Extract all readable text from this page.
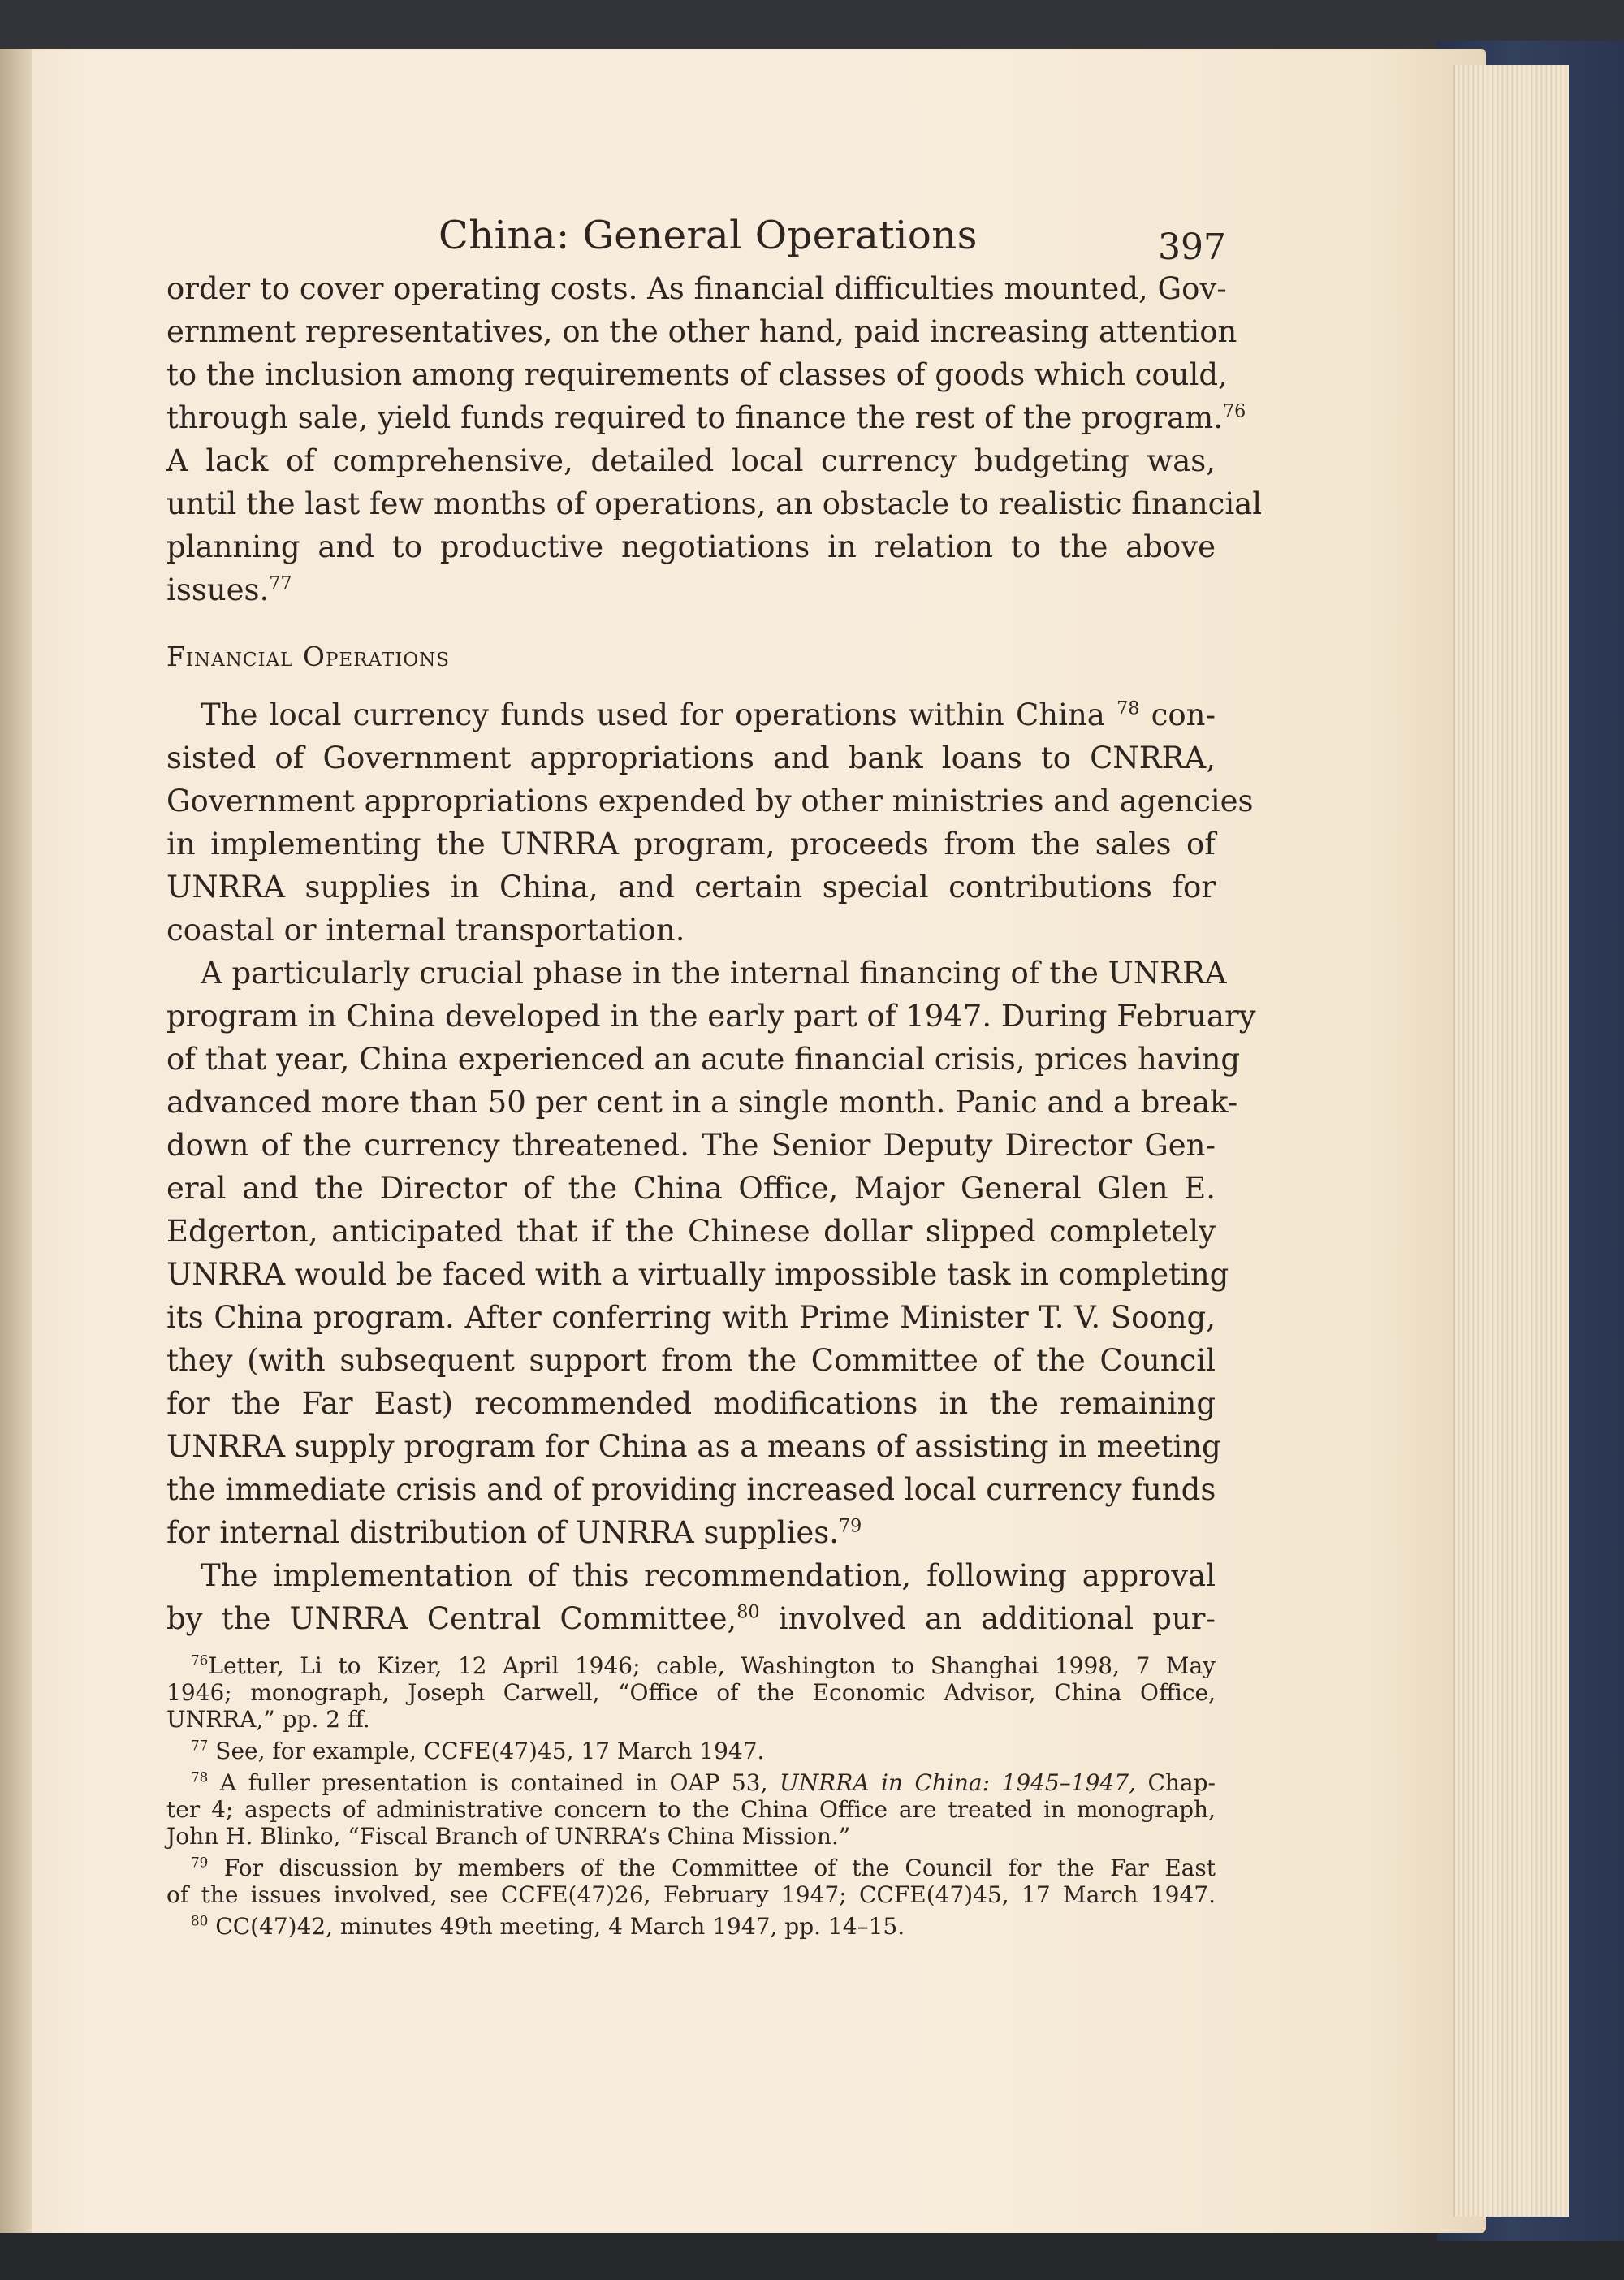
China: General Operations	397
order to cover operating costs. As financial difficulties mounted, Gov-
ernment representatives, on the other hand, paid increasing attention
to the inclusion among requirements of classes of goods which could,
through sale, yield funds required to finance the rest of the program.$^{76}$
A lack of comprehensive, detailed local currency budgeting was,
until the last few months of operations, an obstacle to realistic financial
planning and to productive negotiations in relation to the above
issues.$^{77}$
Financial Operations
The local currency funds used for operations within China $^{78}$ con-
sisted of Government appropriations and bank loans to CNRRA,
Government appropriations expended by other ministries and agencies
in implementing the UNRRA program, proceeds from the sales of
UNRRA supplies in China, and certain special contributions for
coastal or internal transportation.
A particularly crucial phase in the internal financing of the UNRRA
program in China developed in the early part of 1947. During February
of that year, China experienced an acute financial crisis, prices having
advanced more than 50 per cent in a single month. Panic and a break-
down of the currency threatened. The Senior Deputy Director Gen-
eral and the Director of the China Office, Major General Glen E.
Edgerton, anticipated that if the Chinese dollar slipped completely
UNRRA would be faced with a virtually impossible task in completing
its China program. After conferring with Prime Minister T. V. Soong,
they (with subsequent support from the Committee of the Council
for the Far East) recommended modifications in the remaining
UNRRA supply program for China as a means of assisting in meeting
the immediate crisis and of providing increased local currency funds
for internal distribution of UNRRA supplies.$^{79}$
The implementation of this recommendation, following approval
by the UNRRA Central Committee,$^{80}$ involved an additional pur-
$^{76}$Letter, Li to Kizer, 12 April 1946; cable, Washington to Shanghai 1998, 7 May
1946; monograph, Joseph Carwell, “Office of the Economic Advisor, China Office,
UNRRA,” pp. 2 ff.
$^{77}$ See, for example, CCFE(47)45, 17 March 1947.
$^{78}$ A fuller presentation is contained in OAP 53, UNRRA in China: 1945–1947, Chap-
ter 4; aspects of administrative concern to the China Office are treated in monograph,
John H. Blinko, “Fiscal Branch of UNRRA’s China Mission.”
$^{79}$ For discussion by members of the Committee of the Council for the Far East
of the issues involved, see CCFE(47)26, February 1947; CCFE(47)45, 17 March 1947.
$^{80}$ CC(47)42, minutes 49th meeting, 4 March 1947, pp. 14–15.
